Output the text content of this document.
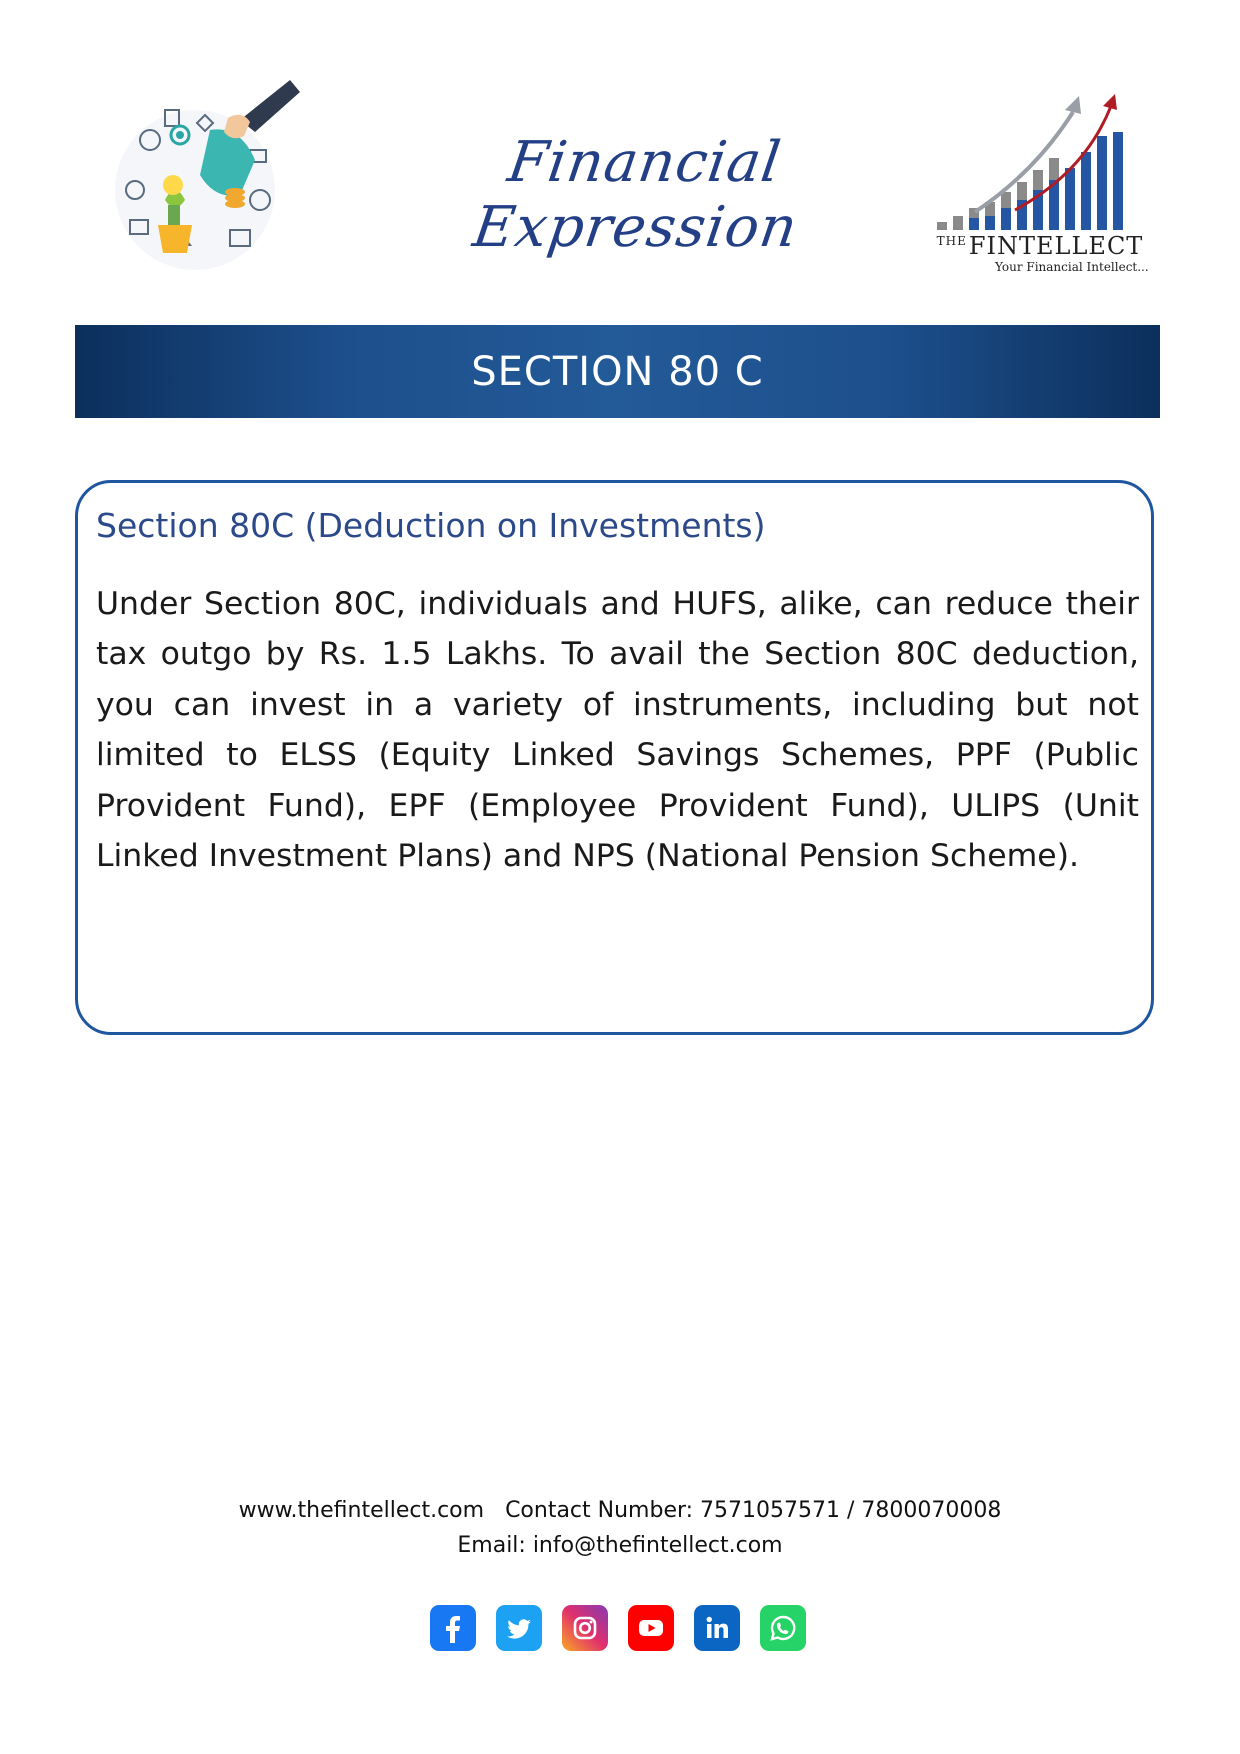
Financial Expression	$^{THE}$FINTELLECT
Your Financial Intellect...
SECTION 80 C
Section 80C (Deduction on Investments)
Under Section 80C, individuals and HUFS, alike, can reduce their tax outgo by Rs. 1.5 Lakhs. To avail the Section 80C deduction, you can invest in a variety of instruments, including but not limited to ELSS (Equity Linked Savings Schemes, PPF (Public Provident Fund), EPF (Employee Provident Fund), ULIPS (Unit Linked Investment Plans) and NPS (National Pension Scheme).
www.thefintellect.com Contact Number: 7571057571 / 7800070008
Email: info@thefintellect.com
